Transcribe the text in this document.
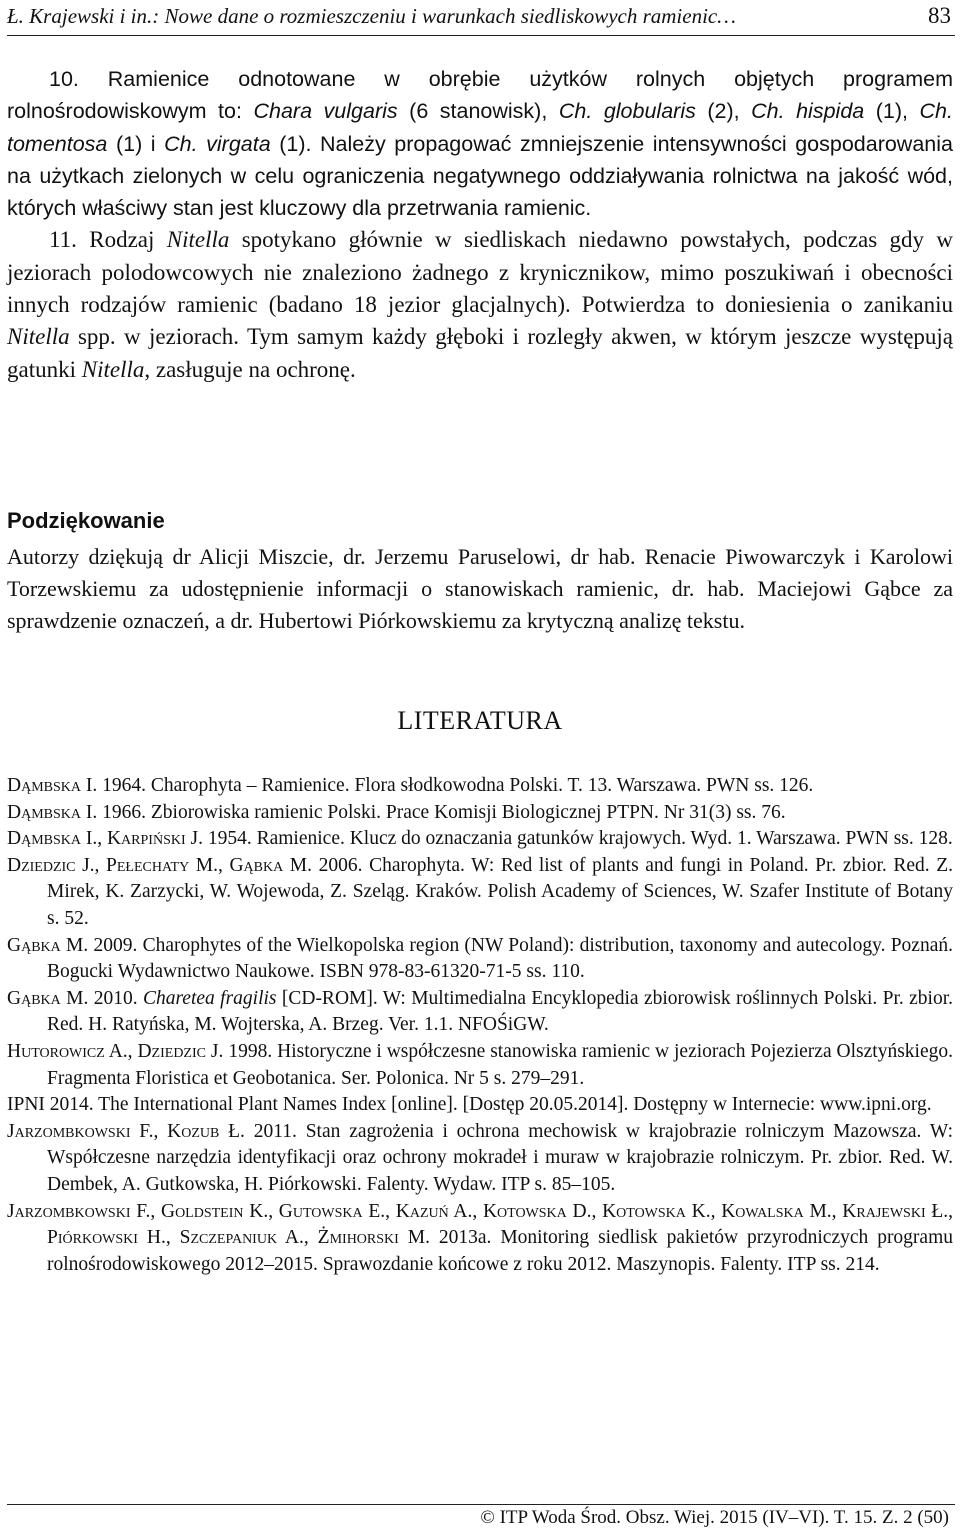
Ł. Krajewski i in.: Nowe dane o rozmieszczeniu i warunkach siedliskowych ramienic…	83

10. Ramienice odnotowane w obrębie użytków rolnych objętych programem rolnośrodowiskowym to: Chara vulgaris (6 stanowisk), Ch. globularis (2), Ch. hispida (1), Ch. tomentosa (1) i Ch. virgata (1). Należy propagować zmniejszenie intensywności gospodarowania na użytkach zielonych w celu ograniczenia negatywnego oddziaływania rolnictwa na jakość wód, których właściwy stan jest kluczowy dla przetrwania ramienic.

11. Rodzaj Nitella spotykano głównie w siedliskach niedawno powstałych, podczas gdy w jeziorach polodowcowych nie znaleziono żadnego z krynicznikow, mimo poszukiwań i obecności innych rodzajów ramienic (badano 18 jezior glacjalnych). Potwierdza to doniesienia o zanikaniu Nitella spp. w jeziorach. Tym samym każdy głęboki i rozległy akwen, w którym jeszcze występują gatunki Nitella, zasługuje na ochronę.

Podziękowanie

Autorzy dziękują dr Alicji Miszcie, dr. Jerzemu Paruselowi, dr hab. Renacie Piwowarczyk i Karolowi Torzewskiemu za udostępnienie informacji o stanowiskach ramienic, dr. hab. Maciejowi Gąbce za sprawdzenie oznaczeń, a dr. Hubertowi Piórkowskiemu za krytyczną analizę tekstu.

LITERATURA

Dąmbska I. 1964. Charophyta – Ramienice. Flora słodkowodna Polski. T. 13. Warszawa. PWN ss. 126.

Dąmbska I. 1966. Zbiorowiska ramienic Polski. Prace Komisji Biologicznej PTPN. Nr 31(3) ss. 76.

Dąmbska I., Karpiński J. 1954. Ramienice. Klucz do oznaczania gatunków krajowych. Wyd. 1. Warszawa. PWN ss. 128.

Dziedzic J., Pełechaty M., Gąbka M. 2006. Charophyta. W: Red list of plants and fungi in Poland. Pr. zbior. Red. Z. Mirek, K. Zarzycki, W. Wojewoda, Z. Szeląg. Kraków. Polish Academy of Sciences, W. Szafer Institute of Botany s. 52.

Gąbka M. 2009. Charophytes of the Wielkopolska region (NW Poland): distribution, taxonomy and autecology. Poznań. Bogucki Wydawnictwo Naukowe. ISBN 978-83-61320-71-5 ss. 110.

Gąbka M. 2010. Charetea fragilis [CD-ROM]. W: Multimedialna Encyklopedia zbiorowisk roślinnych Polski. Pr. zbior. Red. H. Ratyńska, M. Wojterska, A. Brzeg. Ver. 1.1. NFOŚiGW.

Hutorowicz A., Dziedzic J. 1998. Historyczne i współczesne stanowiska ramienic w jeziorach Pojezierza Olsztyńskiego. Fragmenta Floristica et Geobotanica. Ser. Polonica. Nr 5 s. 279–291.

IPNI 2014. The International Plant Names Index [online]. [Dostęp 20.05.2014]. Dostępny w Internecie: www.ipni.org.

Jarzombkowski F., Kozub Ł. 2011. Stan zagrożenia i ochrona mechowisk w krajobrazie rolniczym Mazowsza. W: Współczesne narzędzia identyfikacji oraz ochrony mokradeł i muraw w krajobrazie rolniczym. Pr. zbior. Red. W. Dembek, A. Gutkowska, H. Piórkowski. Falenty. Wydaw. ITP s. 85–105.

Jarzombkowski F., Goldstein K., Gutowska E., Kazuń A., Kotowska D., Kotowska K., Kowalska M., Krajewski Ł., Piórkowski H., Szczepaniuk A., Żmihorski M. 2013a. Monitoring siedlisk pakietów przyrodniczych programu rolnośrodowiskowego 2012–2015. Sprawozdanie końcowe z roku 2012. Maszynopis. Falenty. ITP ss. 214.

© ITP Woda Środ. Obsz. Wiej. 2015 (IV–VI). T. 15. Z. 2 (50)
